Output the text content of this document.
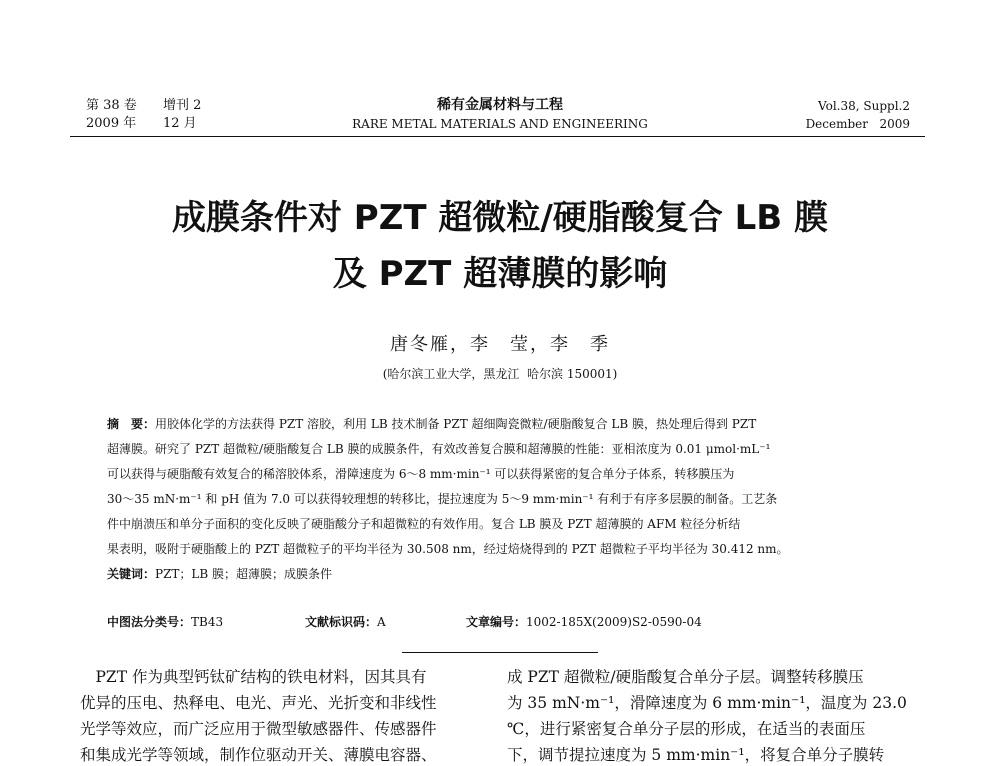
第 38 卷 增刊 2
2009 年 12 月
稀有金属材料与工程
RARE METAL MATERIALS AND ENGINEERING
Vol.38, Suppl.2
December   2009
成膜条件对 PZT 超微粒/硬脂酸复合 LB 膜
及 PZT 超薄膜的影响
唐冬雁，李　莹，李　季
(哈尔滨工业大学，黑龙江  哈尔滨 150001)
摘　要：用胶体化学的方法获得 PZT 溶胶，利用 LB 技术制备 PZT 超细陶瓷微粒/硬脂酸复合 LB 膜，热处理后得到 PZT
超薄膜。研究了 PZT 超微粒/硬脂酸复合 LB 膜的成膜条件，有效改善复合膜和超薄膜的性能：亚相浓度为 0.01 μmol·mL⁻¹
可以获得与硬脂酸有效复合的稀溶胶体系，滑障速度为 6～8 mm·min⁻¹ 可以获得紧密的复合单分子体系，转移膜压为
30～35 mN·m⁻¹ 和 pH 值为 7.0 可以获得较理想的转移比，提拉速度为 5～9 mm·min⁻¹ 有利于有序多层膜的制备。工艺条
件中崩溃压和单分子面积的变化反映了硬脂酸分子和超微粒的有效作用。复合 LB 膜及 PZT 超薄膜的 AFM 粒径分析结
果表明，吸附于硬脂酸上的 PZT 超微粒子的平均半径为 30.508 nm，经过焙烧得到的 PZT 超微粒子平均半径为 30.412 nm。
关键词：PZT；LB 膜；超薄膜；成膜条件
中图法分类号：TB43	文献标识码：A	文章编号：1002-185X(2009)S2-0590-04
　PZT 作为典型钙钛矿结构的铁电材料，因其具有
优异的压电、热释电、电光、声光、光折变和非线性
光学等效应，而广泛应用于微型敏感器件、传感器件
和集成光学等领域，制作位驱动开关、薄膜电容器、
成 PZT 超微粒/硬脂酸复合单分子层。调整转移膜压
为 35 mN·m⁻¹，滑障速度为 6 mm·min⁻¹，温度为 23.0
℃，进行紧密复合单分子层的形成，在适当的表面压
下，调节提拉速度为 5 mm·min⁻¹，将复合单分子膜转
